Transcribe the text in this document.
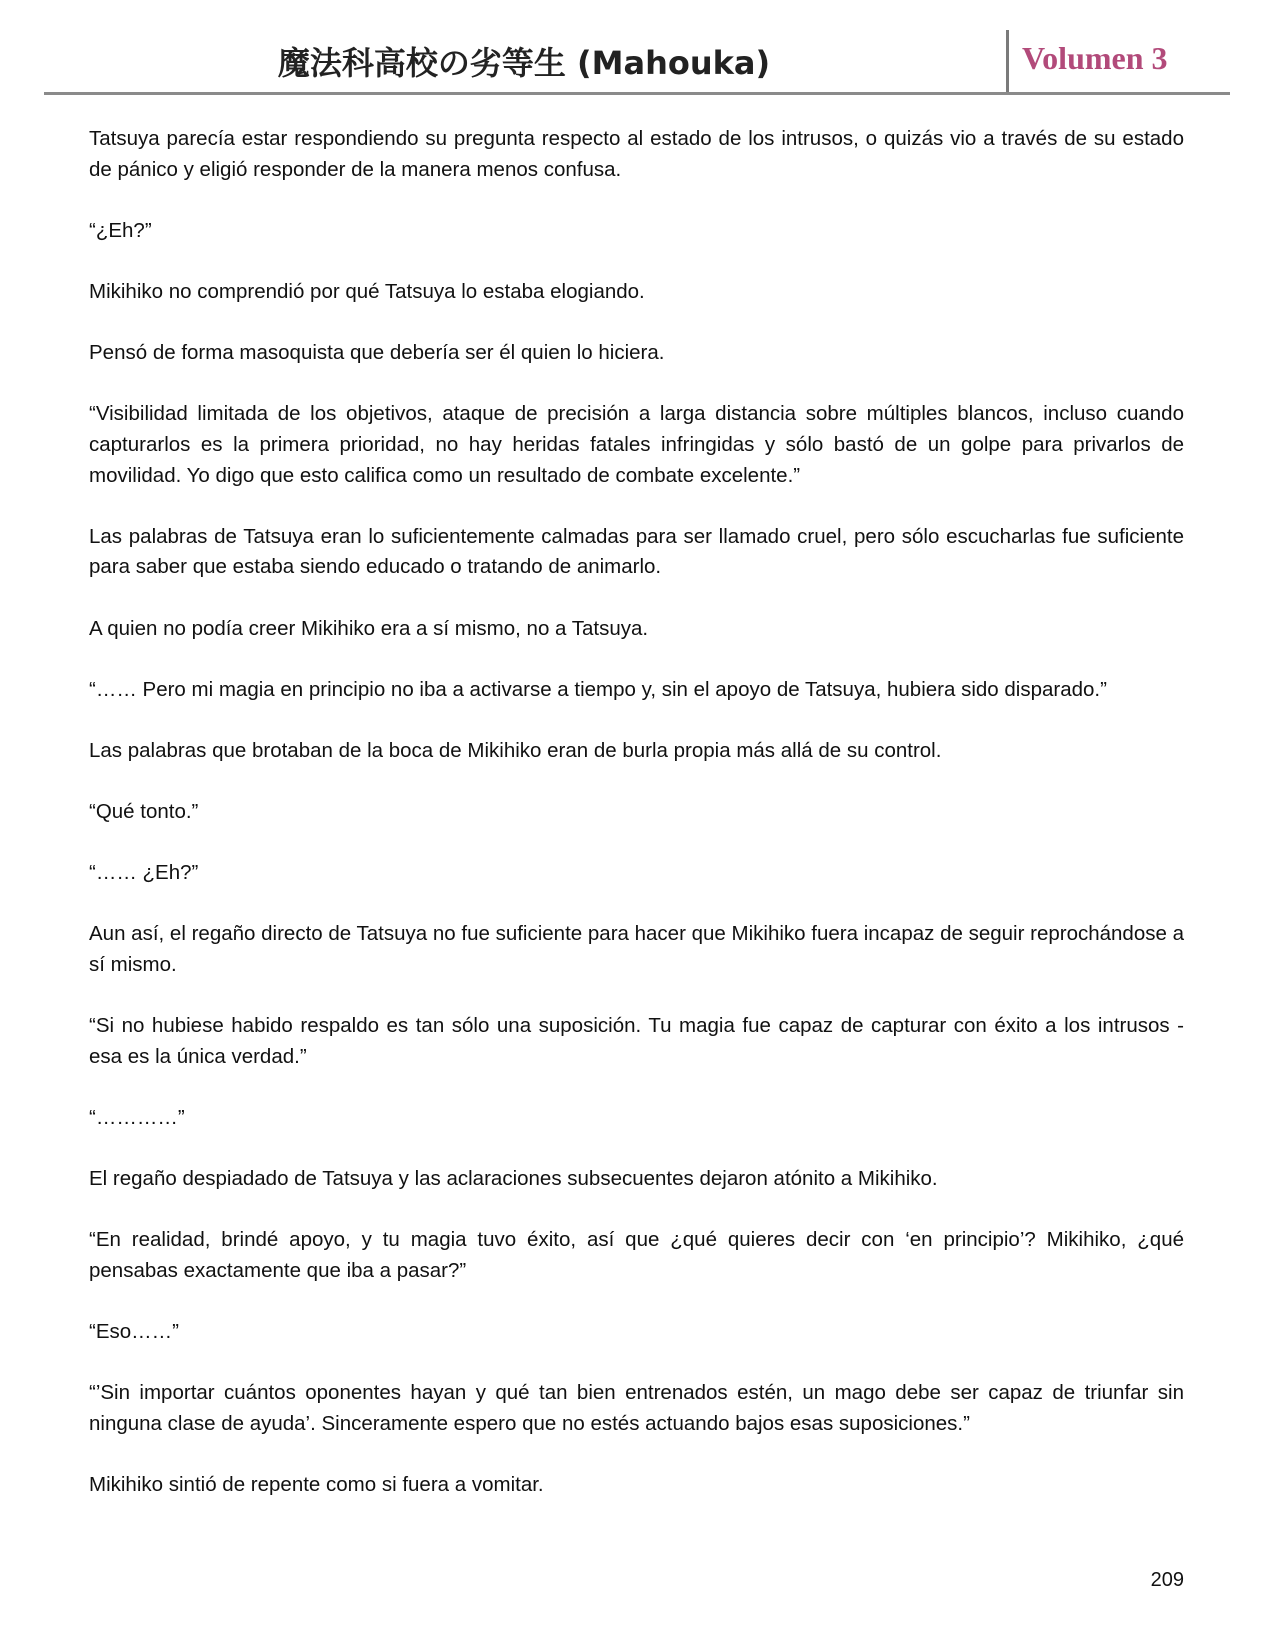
魔法科高校の劣等生 (Mahouka)	Volumen 3

Tatsuya parecía estar respondiendo su pregunta respecto al estado de los intrusos, o quizás vio a través de su estado de pánico y eligió responder de la manera menos confusa.

“¿Eh?”

Mikihiko no comprendió por qué Tatsuya lo estaba elogiando.

Pensó de forma masoquista que debería ser él quien lo hiciera.

“Visibilidad limitada de los objetivos, ataque de precisión a larga distancia sobre múltiples blancos, incluso cuando capturarlos es la primera prioridad, no hay heridas fatales infringidas y sólo bastó de un golpe para privarlos de movilidad. Yo digo que esto califica como un resultado de combate excelente.”

Las palabras de Tatsuya eran lo suficientemente calmadas para ser llamado cruel, pero sólo escucharlas fue suficiente para saber que estaba siendo educado o tratando de animarlo.

A quien no podía creer Mikihiko era a sí mismo, no a Tatsuya.

“…… Pero mi magia en principio no iba a activarse a tiempo y, sin el apoyo de Tatsuya, hubiera sido disparado.”

Las palabras que brotaban de la boca de Mikihiko eran de burla propia más allá de su control.

“Qué tonto.”

“…… ¿Eh?”

Aun así, el regaño directo de Tatsuya no fue suficiente para hacer que Mikihiko fuera incapaz de seguir reprochándose a sí mismo.

“Si no hubiese habido respaldo es tan sólo una suposición. Tu magia fue capaz de capturar con éxito a los intrusos - esa es la única verdad.”

“…………”

El regaño despiadado de Tatsuya y las aclaraciones subsecuentes dejaron atónito a Mikihiko.

“En realidad, brindé apoyo, y tu magia tuvo éxito, así que ¿qué quieres decir con ‘en principio’? Mikihiko, ¿qué pensabas exactamente que iba a pasar?”

“Eso……”

“’Sin importar cuántos oponentes hayan y qué tan bien entrenados estén, un mago debe ser capaz de triunfar sin ninguna clase de ayuda’. Sinceramente espero que no estés actuando bajos esas suposiciones.”

Mikihiko sintió de repente como si fuera a vomitar.

209
